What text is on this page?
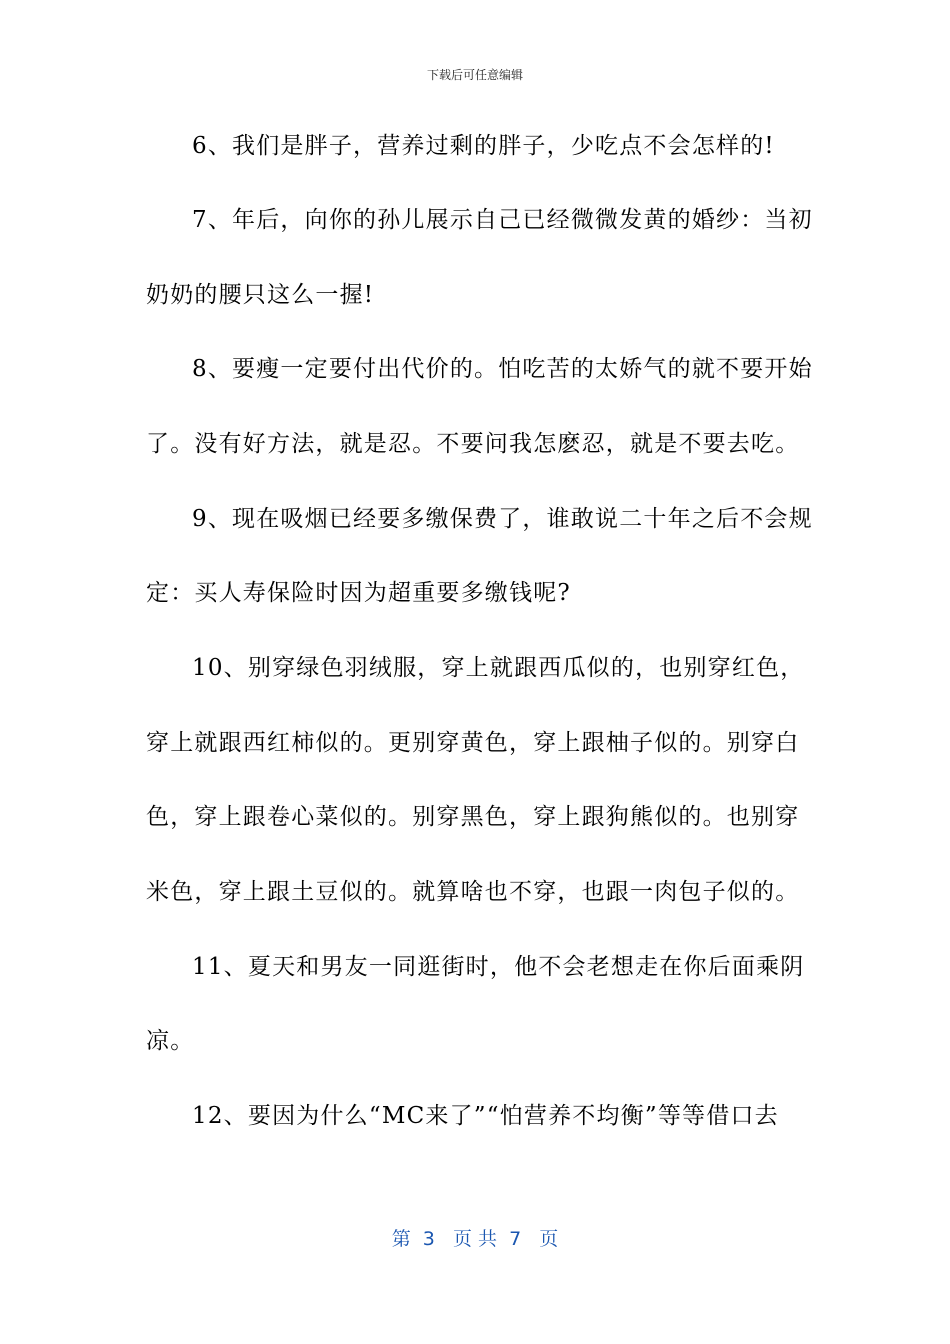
下载后可任意编辑
6、我们是胖子，营养过剩的胖子，少吃点不会怎样的!
7、年后，向你的孙儿展示自己已经微微发黄的婚纱：当初
奶奶的腰只这么一握!
8、要瘦一定要付出代价的。怕吃苦的太娇气的就不要开始
了。没有好方法，就是忍。不要问我怎麽忍，就是不要去吃。
9、现在吸烟已经要多缴保费了，谁敢说二十年之后不会规
定：买人寿保险时因为超重要多缴钱呢?
10、别穿绿色羽绒服，穿上就跟西瓜似的，也别穿红色，
穿上就跟西红柿似的。更别穿黄色，穿上跟柚子似的。别穿白
色，穿上跟卷心菜似的。别穿黑色，穿上跟狗熊似的。也别穿
米色，穿上跟土豆似的。就算啥也不穿，也跟一肉包子似的。
11、夏天和男友一同逛街时，他不会老想走在你后面乘阴
凉。
12、要因为什么“MC来了”“怕营养不均衡”等等借口去
第  3   页 共  7   页
